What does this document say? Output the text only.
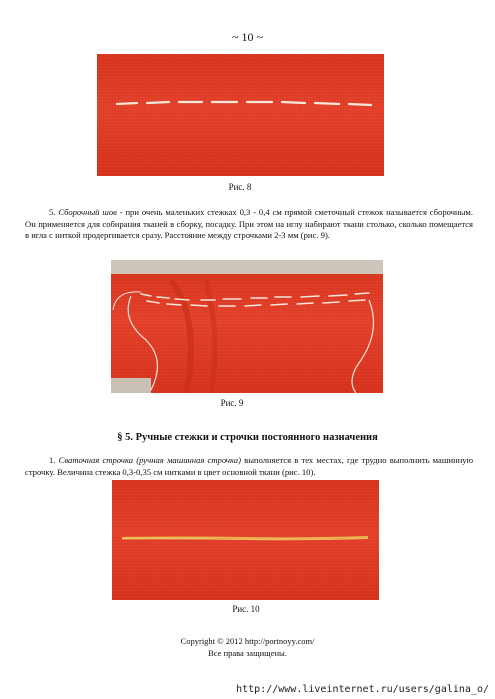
~ 10 ~
Рис. 8

5. Сборочный шов - при очень маленьких стежках 0,3 - 0,4 см прямой сметочный стежок называется сборочным. Он применяется для собирания тканей в сборку, посадку. При этом на иглу набирают ткани столько, сколько помещается в игла с ниткой продергивается сразу. Расстояние между строчками 2-3 мм (рис. 9).

Рис. 9
§ 5. Ручные стежки и строчки постоянного назначения

1. Сваточная строчка (ручная машинная строчка) выполняется в тех местах, где трудно выполнить машинную строчку. Величина стежка 0,3-0,35 см нитками в цвет основной ткани (рис. 10).

Рис. 10
Copyright © 2012 http://portnoyy.com/
Все права защищены.
http://www.liveinternet.ru/users/galina_o/
